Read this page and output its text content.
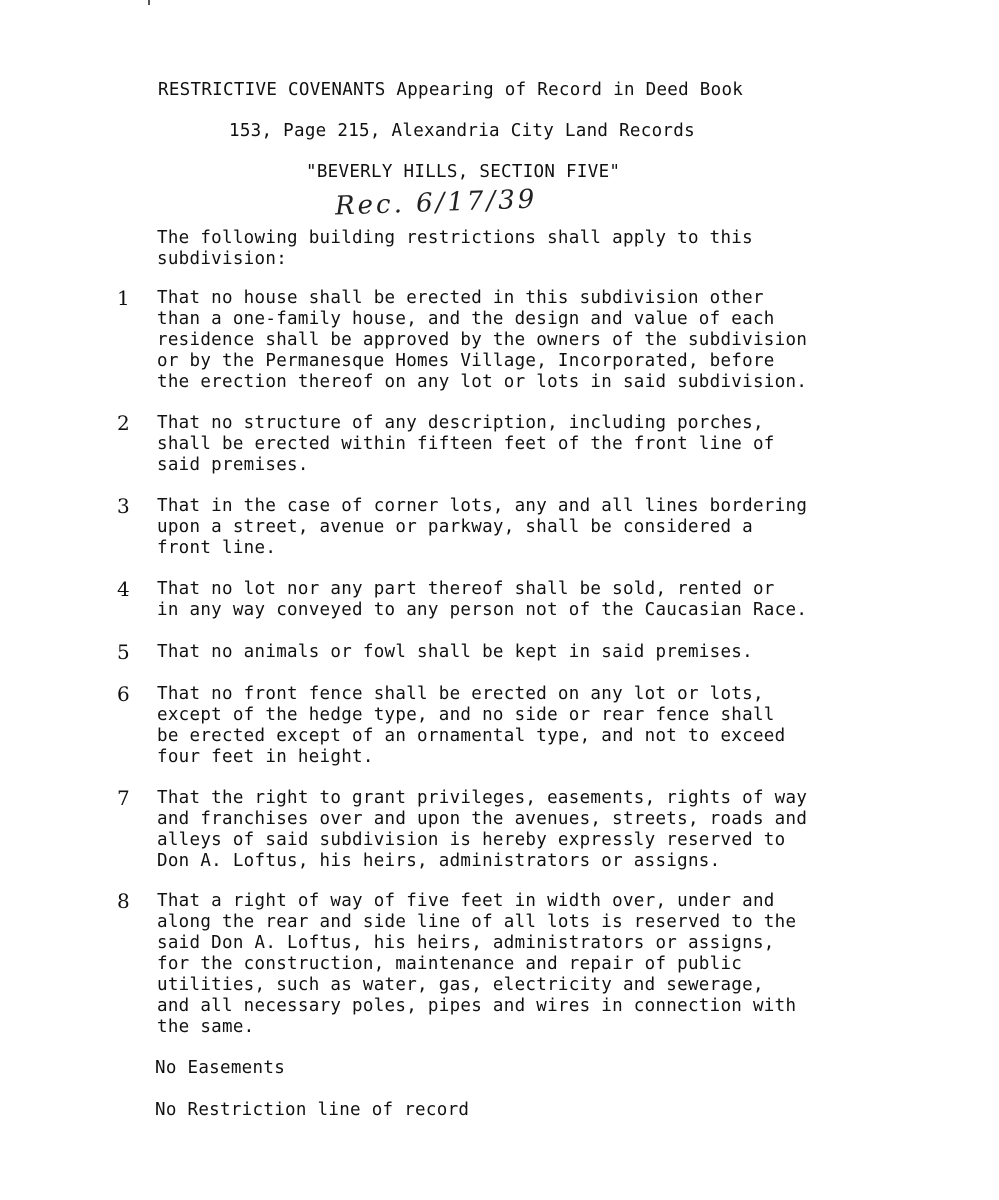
RESTRICTIVE COVENANTS Appearing of Record in Deed Book
153, Page 215, Alexandria City Land Records
"BEVERLY HILLS, SECTION FIVE"
Rec. 6/17/39
The following building restrictions shall apply to this
subdivision:
1 That no house shall be erected in this subdivision other
than a one-family house, and the design and value of each
residence shall be approved by the owners of the subdivision
or by the Permanesque Homes Village, Incorporated, before
the erection thereof on any lot or lots in said subdivision.
2 That no structure of any description, including porches,
shall be erected within fifteen feet of the front line of
said premises.
3 That in the case of corner lots, any and all lines bordering
upon a street, avenue or parkway, shall be considered a
front line.
4 That no lot nor any part thereof shall be sold, rented or
in any way conveyed to any person not of the Caucasian Race.
5 That no animals or fowl shall be kept in said premises.
6 That no front fence shall be erected on any lot or lots,
except of the hedge type, and no side or rear fence shall
be erected except of an ornamental type, and not to exceed
four feet in height.
7 That the right to grant privileges, easements, rights of way
and franchises over and upon the avenues, streets, roads and
alleys of said subdivision is hereby expressly reserved to
Don A. Loftus, his heirs, administrators or assigns.
8 That a right of way of five feet in width over, under and
along the rear and side line of all lots is reserved to the
said Don A. Loftus, his heirs, administrators or assigns,
for the construction, maintenance and repair of public
utilities, such as water, gas, electricity and sewerage,
and all necessary poles, pipes and wires in connection with
the same.
No Easements
No Restriction line of record
